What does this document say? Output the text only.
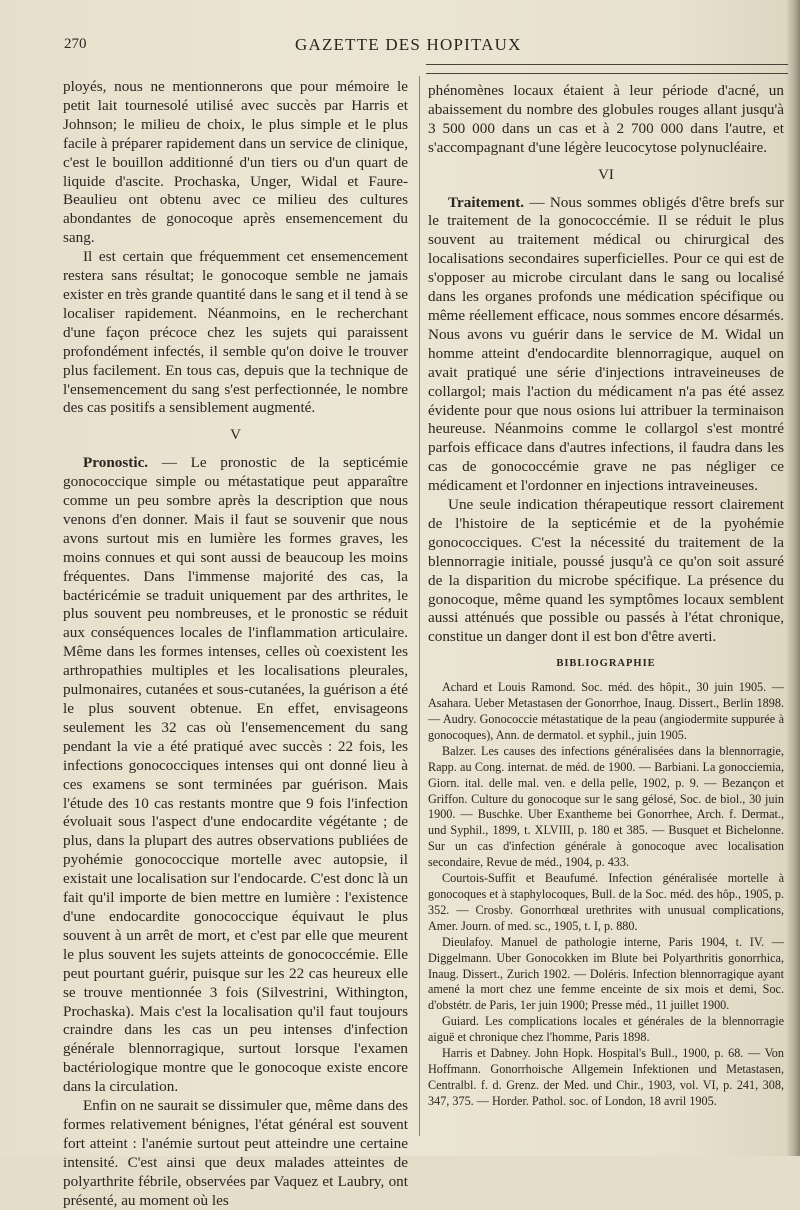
270	GAZETTE DES HOPITAUX

ployés, nous ne mentionnerons que pour mémoire le petit lait tournesolé utilisé avec succès par Harris et Johnson; le milieu de choix, le plus simple et le plus facile à préparer rapidement dans un service de clinique, c'est le bouillon additionné d'un tiers ou d'un quart de liquide d'ascite. Prochaska, Unger, Widal et Faure-Beaulieu ont obtenu avec ce milieu des cultures abondantes de gonocoque après ensemencement du sang.

Il est certain que fréquemment cet ensemencement restera sans résultat; le gonocoque semble ne jamais exister en très grande quantité dans le sang et il tend à se localiser rapidement. Néanmoins, en le recherchant d'une façon précoce chez les sujets qui paraissent profondément infectés, il semble qu'on doive le trouver plus facilement. En tous cas, depuis que la technique de l'ensemencement du sang s'est perfectionnée, le nombre des cas positifs a sensiblement augmenté.

V

Pronostic. — Le pronostic de la septicémie gonococcique simple ou métastatique peut apparaître comme un peu sombre après la description que nous venons d'en donner. Mais il faut se souvenir que nous avons surtout mis en lumière les formes graves, les moins connues et qui sont aussi de beaucoup les moins fréquentes. Dans l'immense majorité des cas, la bactéricémie se traduit uniquement par des arthrites, le plus souvent peu nombreuses, et le pronostic se réduit aux conséquences locales de l'inflammation articulaire. Même dans les formes intenses, celles où coexistent les arthropathies multiples et les localisations pleurales, pulmonaires, cutanées et sous-cutanées, la guérison a été le plus souvent obtenue. En effet, envisageons seulement les 32 cas où l'ensemencement du sang pendant la vie a été pratiqué avec succès : 22 fois, les infections gonococciques intenses qui ont donné lieu à ces examens se sont terminées par guérison. Mais l'étude des 10 cas restants montre que 9 fois l'infection évoluait sous l'aspect d'une endocardite végétante ; de plus, dans la plupart des autres observations publiées de pyohémie gonococcique mortelle avec autopsie, il existait une localisation sur l'endocarde. C'est donc là un fait qu'il importe de bien mettre en lumière : l'existence d'une endocardite gonococcique équivaut le plus souvent à un arrêt de mort, et c'est par elle que meurent le plus souvent les sujets atteints de gonococcémie. Elle peut pourtant guérir, puisque sur les 22 cas heureux elle se trouve mentionnée 3 fois (Silvestrini, Withington, Prochaska). Mais c'est la localisation qu'il faut toujours craindre dans les cas un peu intenses d'infection générale blennorragique, surtout lorsque l'examen bactériologique montre que le gonocoque existe encore dans la circulation.

Enfin on ne saurait se dissimuler que, même dans des formes relativement bénignes, l'état général est souvent fort atteint : l'anémie surtout peut atteindre une certaine intensité. C'est ainsi que deux malades atteintes de polyarthrite fébrile, observées par Vaquez et Laubry, ont présenté, au moment où les

phénomènes locaux étaient à leur période d'acné, un abaissement du nombre des globules rouges allant jusqu'à 3 500 000 dans un cas et à 2 700 000 dans l'autre, et s'accompagnant d'une légère leucocytose polynucléaire.

VI

Traitement. — Nous sommes obligés d'être brefs sur le traitement de la gonococcémie. Il se réduit le plus souvent au traitement médical ou chirurgical des localisations secondaires superficielles. Pour ce qui est de s'opposer au microbe circulant dans le sang ou localisé dans les organes profonds une médication spécifique ou même réellement efficace, nous sommes encore désarmés. Nous avons vu guérir dans le service de M. Widal un homme atteint d'endocardite blennorragique, auquel on avait pratiqué une série d'injections intraveineuses de collargol; mais l'action du médicament n'a pas été assez évidente pour que nous osions lui attribuer la terminaison heureuse. Néanmoins comme le collargol s'est montré parfois efficace dans d'autres infections, il faudra dans les cas de gonococcémie grave ne pas négliger ce médicament et l'ordonner en injections intraveineuses.

Une seule indication thérapeutique ressort clairement de l'histoire de la septicémie et de la pyohémie gonococciques. C'est la nécessité du traitement de la blennorragie initiale, poussé jusqu'à ce qu'on soit assuré de la disparition du microbe spécifique. La présence du gonocoque, même quand les symptômes locaux semblent aussi atténués que possible ou passés à l'état chronique, constitue un danger dont il est bon d'être averti.

BIBLIOGRAPHIE

Achard et Louis Ramond. Soc. méd. des hôpit., 30 juin 1905. — Asahara. Ueber Metastasen der Gonorrhoe, Inaug. Dissert., Berlin 1898. — Audry. Gonococcie métastatique de la peau (angiodermite suppurée à gonocoques), Ann. de dermatol. et syphil., juin 1905.

Balzer. Les causes des infections généralisées dans la blennorragie, Rapp. au Cong. internat. de méd. de 1900. — Barbiani. La gonocciemia, Giorn. ital. delle mal. ven. e della pelle, 1902, p. 9. — Bezançon et Griffon. Culture du gonocoque sur le sang gélosé, Soc. de biol., 30 juin 1900. — Buschke. Uber Exantheme bei Gonorrhee, Arch. f. Dermat., und Syphil., 1899, t. XLVIII, p. 180 et 385. — Busquet et Bichelonne. Sur un cas d'infection générale à gonocoque avec localisation secondaire, Revue de méd., 1904, p. 433.

Courtois-Suffit et Beaufumé. Infection généralisée mortelle à gonocoques et à staphylocoques, Bull. de la Soc. méd. des hôp., 1905, p. 352. — Crosby. Gonorrhœal urethrites with unusual complications, Amer. Journ. of med. sc., 1905, t. I, p. 880.

Dieulafoy. Manuel de pathologie interne, Paris 1904, t. IV. — Diggelmann. Uber Gonocokken im Blute bei Polyarthritis gonorrhica, Inaug. Dissert., Zurich 1902. — Doléris. Infection blennorragique ayant amené la mort chez une femme enceinte de six mois et demi, Soc. d'obstétr. de Paris, 1er juin 1900; Presse méd., 11 juillet 1900.

Guiard. Les complications locales et générales de la blennorragie aiguë et chronique chez l'homme, Paris 1898.

Harris et Dabney. John Hopk. Hospital's Bull., 1900, p. 68. — Von Hoffmann. Gonorrhoische Allgemein Infektionen und Metastasen, Centralbl. f. d. Grenz. der Med. und Chir., 1903, vol. VI, p. 241, 308, 347, 375. — Horder. Pathol. soc. of London, 18 avril 1905.
